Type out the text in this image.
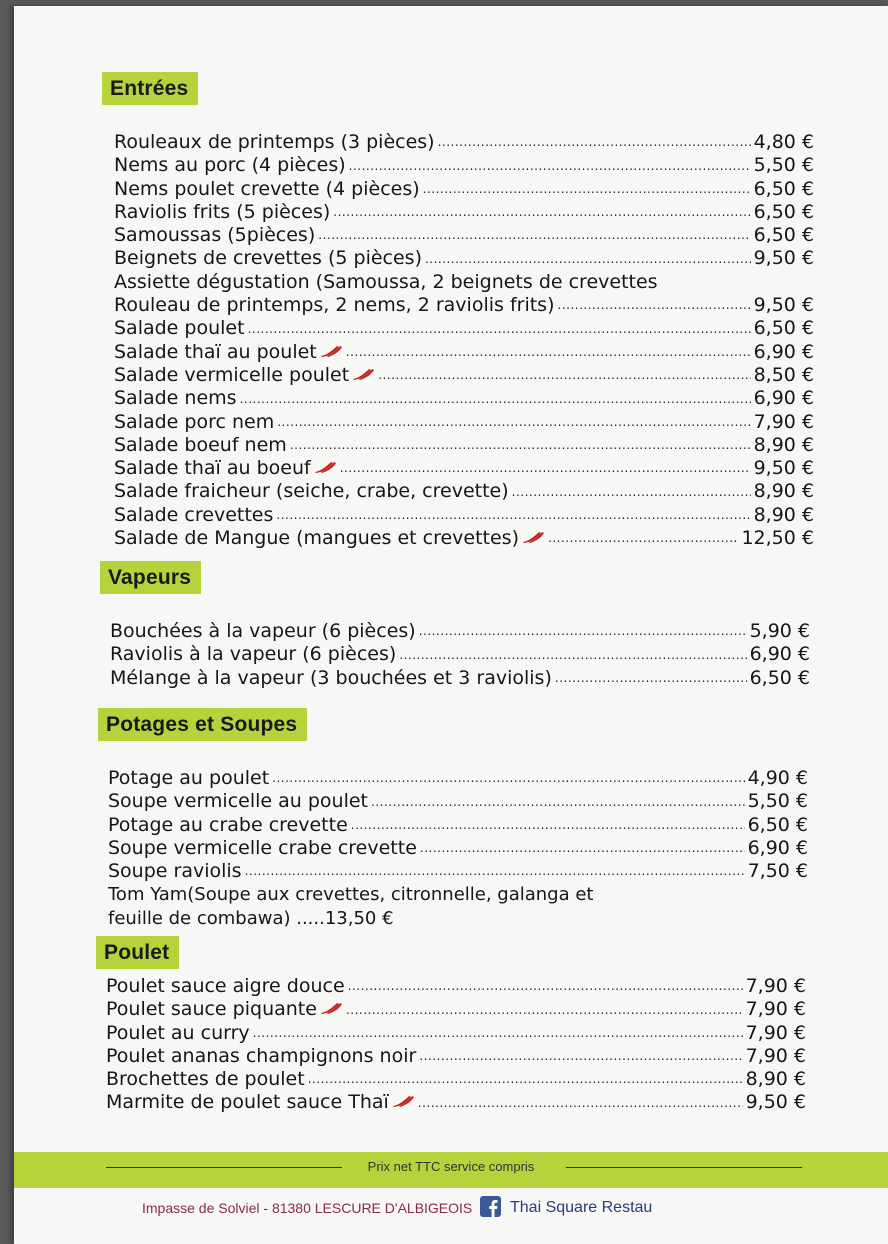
Entrées
Rouleaux de printemps (3 pièces) .....	4,80 €
Nems au porc (4 pièces) .....	5,50 €
Nems poulet crevette (4 pièces) .....	6,50 €
Raviolis frits (5 pièces) .....	6,50 €
Samoussas (5pièces) .....	6,50 €
Beignets de crevettes (5 pièces) .....	9,50 €
Assiette dégustation (Samoussa, 2 beignets de crevettes
Rouleau de printemps, 2 nems, 2 raviolis frits) .....	9,50 €
Salade poulet .....	6,50 €
Salade thaï au poulet .....	6,90 €
Salade vermicelle poulet .....	8,50 €
Salade nems .....	6,90 €
Salade porc nem .....	7,90 €
Salade boeuf nem .....	8,90 €
Salade thaï au boeuf .....	9,50 €
Salade fraicheur (seiche, crabe, crevette) .....	8,90 €
Salade crevettes .....	8,90 €
Salade de Mangue (mangues et crevettes) .....	12,50 €
Vapeurs
Bouchées à la vapeur (6 pièces) .....	5,90 €
Raviolis à la vapeur (6 pièces) .....	6,90 €
Mélange à la vapeur (3 bouchées et 3 raviolis) .....	6,50 €
Potages et Soupes
Potage au poulet .....	4,90 €
Soupe vermicelle au poulet .....	5,50 €
Potage au crabe crevette .....	6,50 €
Soupe vermicelle crabe crevette .....	6,90 €
Soupe raviolis .....	7,50 €
Tom Yam(Soupe aux crevettes, citronnelle, galanga et
feuille de combawa) .....13,50 €
Poulet
Poulet sauce aigre douce .....	7,90 €
Poulet sauce piquante .....	7,90 €
Poulet au curry .....	7,90 €
Poulet ananas champignons noir .....	7,90 €
Brochettes de poulet .....	8,90 €
Marmite de poulet sauce Thaï .....	9,50 €
Prix net TTC service compris
Impasse de Solviel - 81380 LESCURE D'ALBIGEOIS Thai Square Restau
